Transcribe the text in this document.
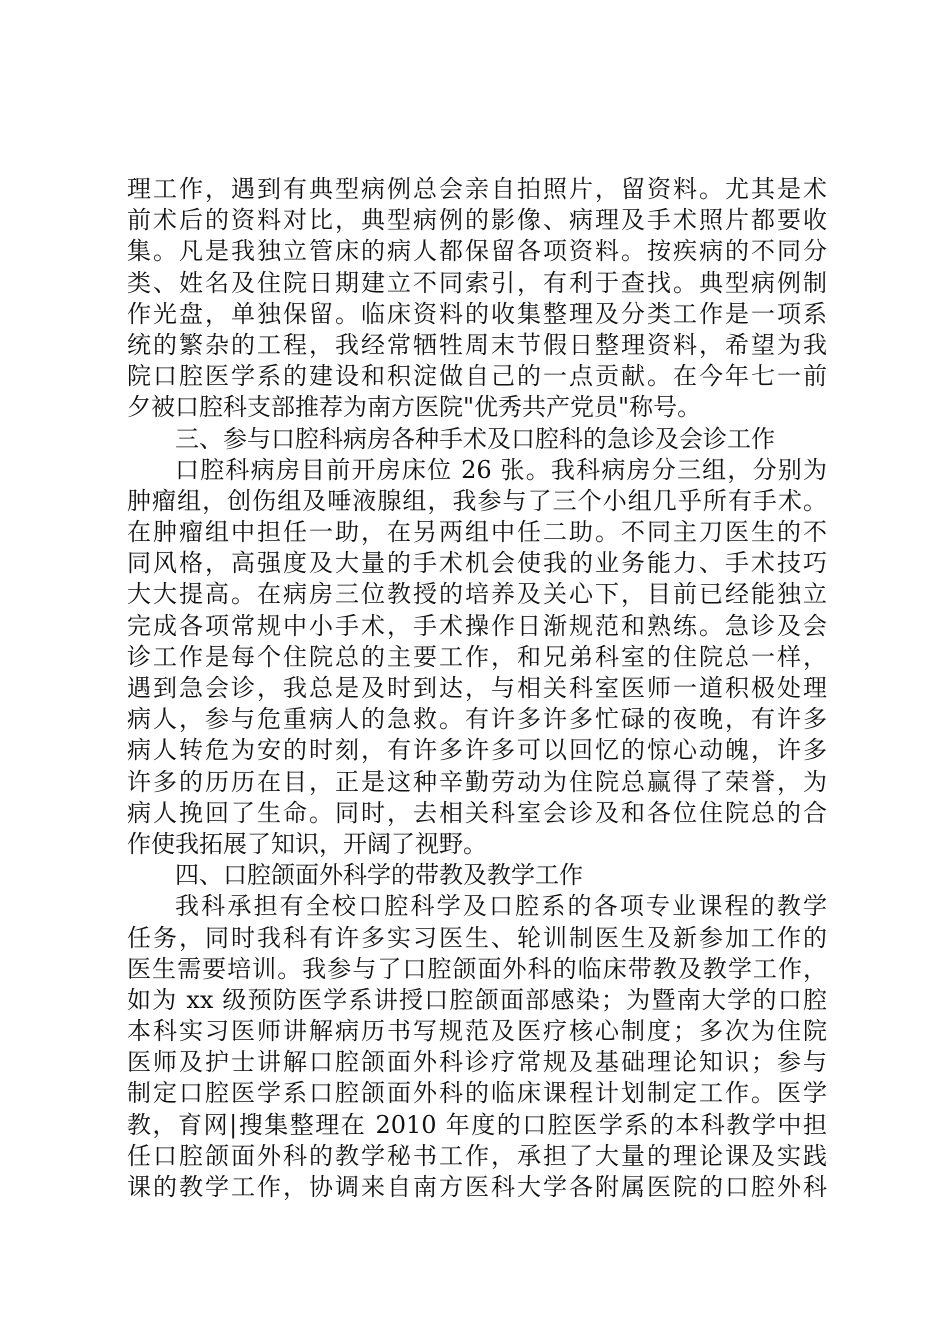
理工作，遇到有典型病例总会亲自拍照片，留资料。尤其是术
前术后的资料对比，典型病例的影像、病理及手术照片都要收
集。凡是我独立管床的病人都保留各项资料。按疾病的不同分
类、姓名及住院日期建立不同索引，有利于查找。典型病例制
作光盘，单独保留。临床资料的收集整理及分类工作是一项系
统的繁杂的工程，我经常牺牲周末节假日整理资料，希望为我
院口腔医学系的建设和积淀做自己的一点贡献。在今年七一前
夕被口腔科支部推荐为南方医院"优秀共产党员"称号。
三、参与口腔科病房各种手术及口腔科的急诊及会诊工作
口腔科病房目前开房床位 26 张。我科病房分三组，分别为
肿瘤组，创伤组及唾液腺组，我参与了三个小组几乎所有手术。
在肿瘤组中担任一助，在另两组中任二助。不同主刀医生的不
同风格，高强度及大量的手术机会使我的业务能力、手术技巧
大大提高。在病房三位教授的培养及关心下，目前已经能独立
完成各项常规中小手术，手术操作日渐规范和熟练。急诊及会
诊工作是每个住院总的主要工作，和兄弟科室的住院总一样，
遇到急会诊，我总是及时到达，与相关科室医师一道积极处理
病人，参与危重病人的急救。有许多许多忙碌的夜晚，有许多
病人转危为安的时刻，有许多许多可以回忆的惊心动魄，许多
许多的历历在目，正是这种辛勤劳动为住院总赢得了荣誉，为
病人挽回了生命。同时，去相关科室会诊及和各位住院总的合
作使我拓展了知识，开阔了视野。
四、口腔颌面外科学的带教及教学工作
我科承担有全校口腔科学及口腔系的各项专业课程的教学
任务，同时我科有许多实习医生、轮训制医生及新参加工作的
医生需要培训。我参与了口腔颌面外科的临床带教及教学工作，
如为 xx 级预防医学系讲授口腔颌面部感染；为暨南大学的口腔
本科实习医师讲解病历书写规范及医疗核心制度；多次为住院
医师及护士讲解口腔颌面外科诊疗常规及基础理论知识；参与
制定口腔医学系口腔颌面外科的临床课程计划制定工作。医学
教，育网|搜集整理在 2010 年度的口腔医学系的本科教学中担
任口腔颌面外科的教学秘书工作，承担了大量的理论课及实践
课的教学工作，协调来自南方医科大学各附属医院的口腔外科
